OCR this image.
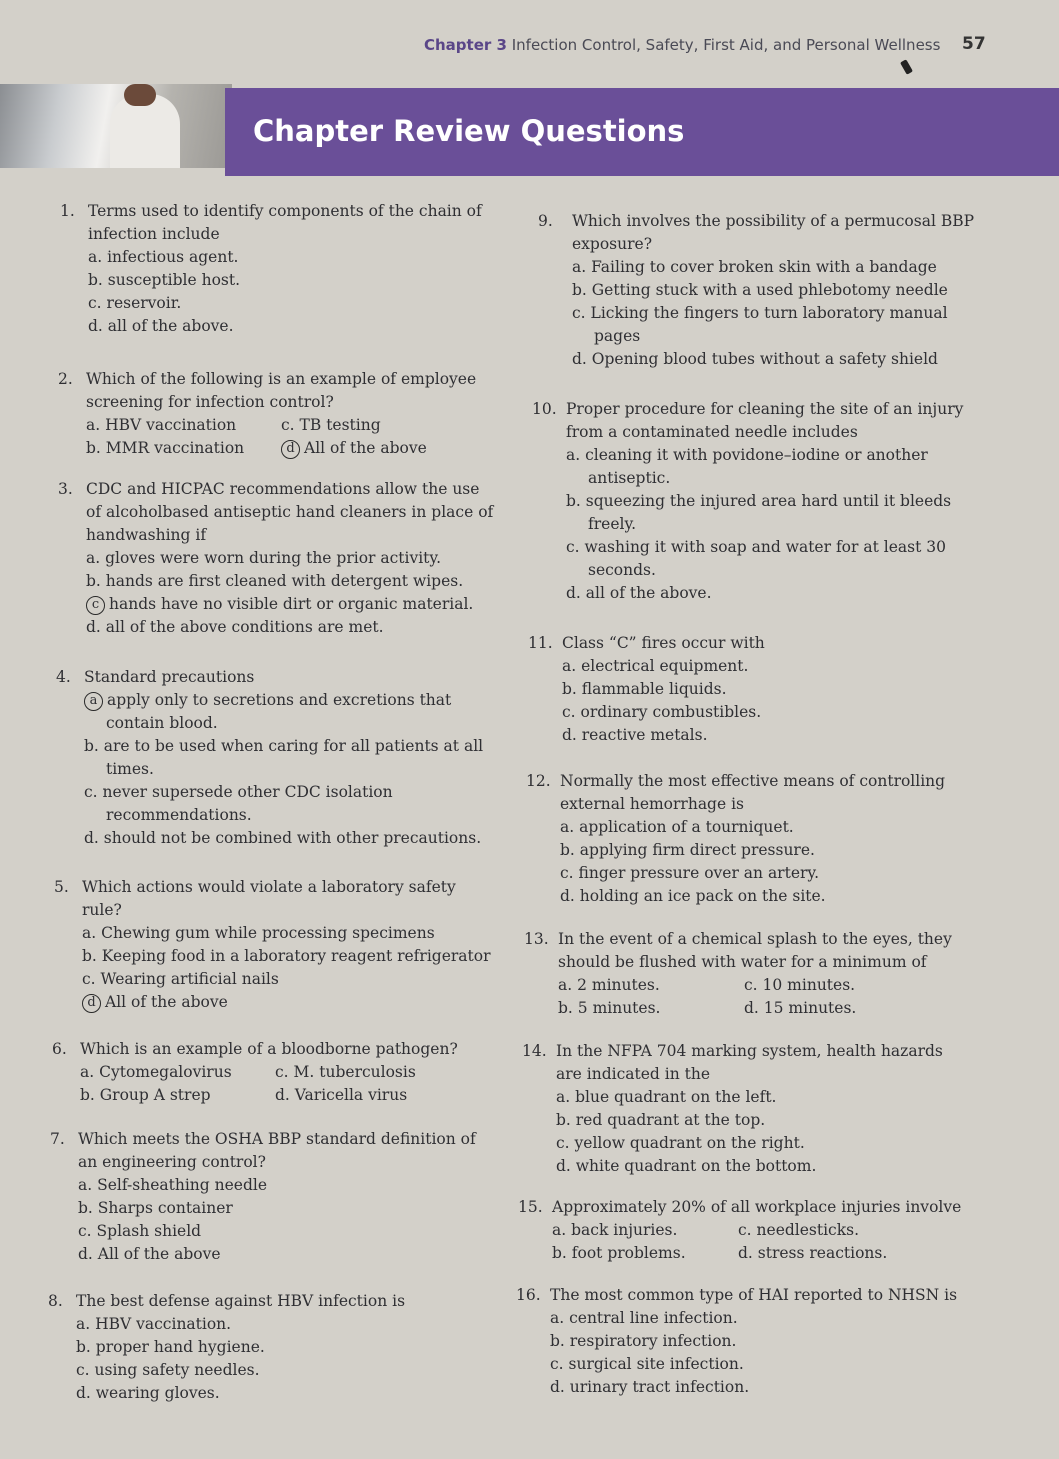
Chapter 3 Infection Control, Safety, First Aid, and Personal Wellness 57
Chapter Review Questions
1. Terms used to identify components of the chain of infection include
a. infectious agent.
b. susceptible host.
c. reservoir.
d. all of the above.
2. Which of the following is an example of employee screening for infection control?
a. HBV vaccination	c. TB testing
b. MMR vaccination	d All of the above
3. CDC and HICPAC recommendations allow the use of alcoholbased antiseptic hand cleaners in place of handwashing if
a. gloves were worn during the prior activity.
b. hands are first cleaned with detergent wipes.
c hands have no visible dirt or organic material.
d. all of the above conditions are met.
4. Standard precautions
a apply only to secretions and excretions that contain blood.
b. are to be used when caring for all patients at all times.
c. never supersede other CDC isolation recommendations.
d. should not be combined with other precautions.
5. Which actions would violate a laboratory safety rule?
a. Chewing gum while processing specimens
b. Keeping food in a laboratory reagent refrigerator
c. Wearing artificial nails
d All of the above
6. Which is an example of a bloodborne pathogen?
a. Cytomegalovirus	c. M. tuberculosis
b. Group A strep	d. Varicella virus
7. Which meets the OSHA BBP standard definition of an engineering control?
a. Self-sheathing needle
b. Sharps container
c. Splash shield
d. All of the above
8. The best defense against HBV infection is
a. HBV vaccination.
b. proper hand hygiene.
c. using safety needles.
d. wearing gloves.
9. Which involves the possibility of a permucosal BBP exposure?
a. Failing to cover broken skin with a bandage
b. Getting stuck with a used phlebotomy needle
c. Licking the fingers to turn laboratory manual pages
d. Opening blood tubes without a safety shield
10. Proper procedure for cleaning the site of an injury from a contaminated needle includes
a. cleaning it with povidone–iodine or another antiseptic.
b. squeezing the injured area hard until it bleeds freely.
c. washing it with soap and water for at least 30 seconds.
d. all of the above.
11. Class “C” fires occur with
a. electrical equipment.
b. flammable liquids.
c. ordinary combustibles.
d. reactive metals.
12. Normally the most effective means of controlling external hemorrhage is
a. application of a tourniquet.
b. applying firm direct pressure.
c. finger pressure over an artery.
d. holding an ice pack on the site.
13. In the event of a chemical splash to the eyes, they should be flushed with water for a minimum of
a. 2 minutes.	c. 10 minutes.
b. 5 minutes.	d. 15 minutes.
14. In the NFPA 704 marking system, health hazards are indicated in the
a. blue quadrant on the left.
b. red quadrant at the top.
c. yellow quadrant on the right.
d. white quadrant on the bottom.
15. Approximately 20% of all workplace injuries involve
a. back injuries.	c. needlesticks.
b. foot problems.	d. stress reactions.
16. The most common type of HAI reported to NHSN is
a. central line infection.
b. respiratory infection.
c. surgical site infection.
d. urinary tract infection.
